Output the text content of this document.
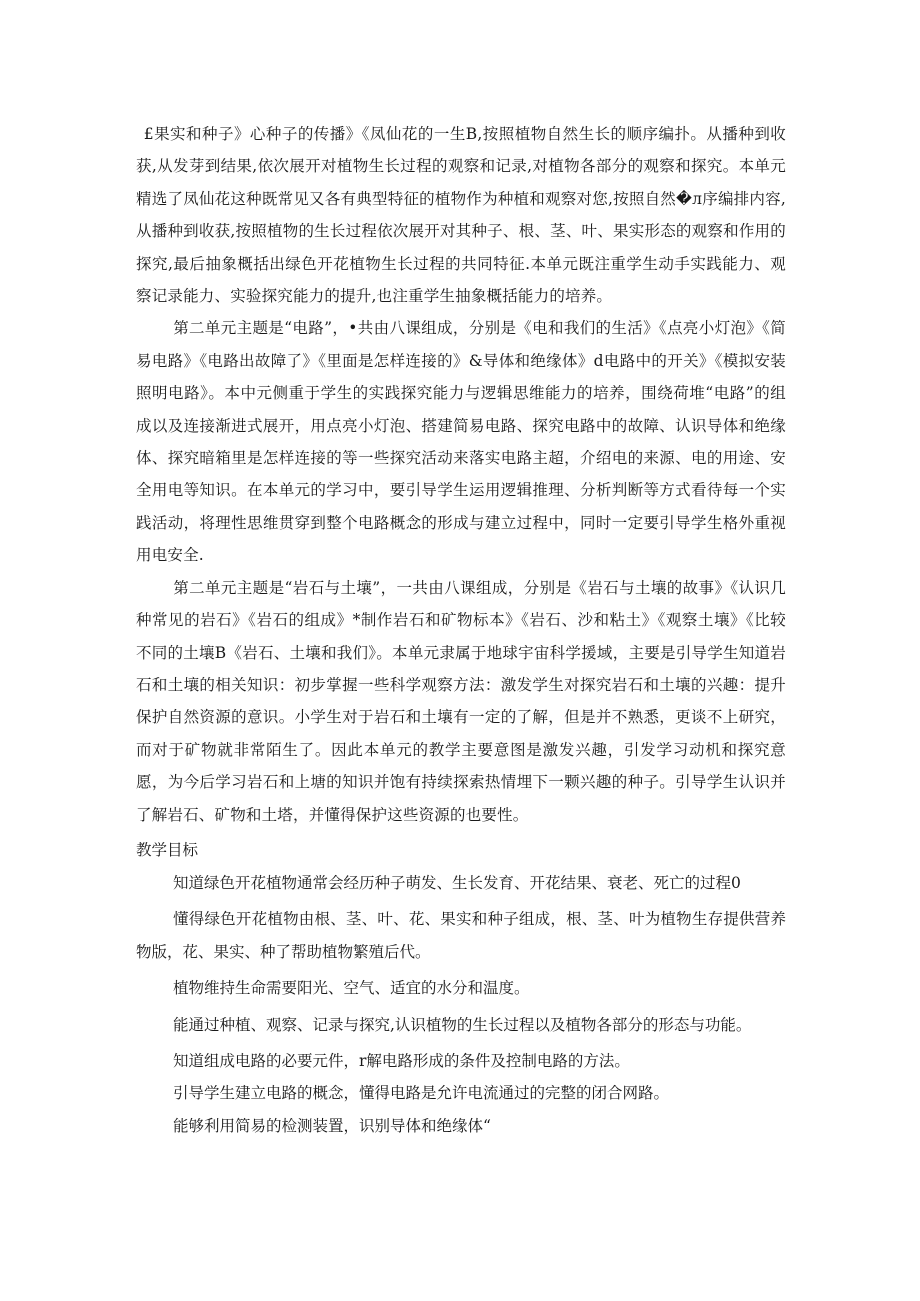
£果实和种子》心种子的传播》《凤仙花的一生B,按照植物自然生长的顺序编扑。从播种到收获,从发芽到结果,依次展开对植物生长过程的观察和记录,对植物各部分的观察和探究。本单元精选了凤仙花这种既常见又各有典型特征的植物作为种植和观察对您,按照自然�л序编排内容,从播种到收获,按照植物的生长过程依次展开对其种子、根、茎、叶、果实形态的观察和作用的探究,最后抽象概括出绿色开花植物生长过程的共同特征.本单元既注重学生动手实践能力、观察记录能力、实验探究能力的提升,也注重学生抽象概括能力的培养。

第二单元主题是“电路”，•共由八课组成，分别是《电和我们的生活》《点亮小灯泡》《简易电路》《电路出故障了》《里面是怎样连接的》&导体和绝缘体》d电路中的开关》《模拟安装照明电路》。本中元侧重于学生的实践探究能力与逻辑思维能力的培养，围绕荷堆“电路”的组成以及连接渐进式展开，用点亮小灯泡、搭建简易电路、探究电路中的故障、认识导体和绝缘体、探究暗箱里是怎样连接的等一些探究活动来落实电路主超，介绍电的来源、电的用途、安全用电等知识。在本单元的学习中，要引导学生运用逻辑推理、分析判断等方式看待每一个实践活动，将理性思维贯穿到整个电路概念的形成与建立过程中，同时一定要引导学生格外重视用电安全.

第二单元主题是“岩石与土壤”，一共由八课组成，分别是《岩石与土壤的故事》《认识几种常见的岩石》《岩石的组成》*制作岩石和矿物标本》《岩石、沙和粘土》《观察土壤》《比较不同的土壤B《岩石、土壤和我们》。本单元隶属于地球宇宙科学援域，主要是引导学生知道岩石和土壤的相关知识：初步掌握一些科学观察方法：激发学生对探究岩石和土壤的兴趣：提升保护自然资源的意识。小学生对于岩石和土壤有一定的了解，但是并不熟悉，更谈不上研究，而对于矿物就非常陌生了。因此本单元的教学主要意图是激发兴趣，引发学习动机和探究意愿，为今后学习岩石和上塘的知识并饱有持续探索热情埋下一颗兴趣的种子。引导学生认识并了解岩石、矿物和土塔，并懂得保护这些资源的也要性。

教学目标

知道绿色开花植物通常会经历种子萌发、生长发育、开花结果、衰老、死亡的过程0

懂得绿色开花植物由根、茎、叶、花、果实和种子组成，根、茎、叶为植物生存提供营养物版，花、果实、种了帮助植物繁殖后代。

植物维持生命需要阳光、空气、适宜的水分和温度。

能通过种植、观察、记录与探究,认识植物的生长过程以及植物各部分的形态与功能。

知道组成电路的必要元件，r解电路形成的条件及控制电路的方法。

引导学生建立电路的概念，懂得电路是允许电流通过的完整的闭合网路。

能够利用简易的检测装置，识别导体和绝缘体“
